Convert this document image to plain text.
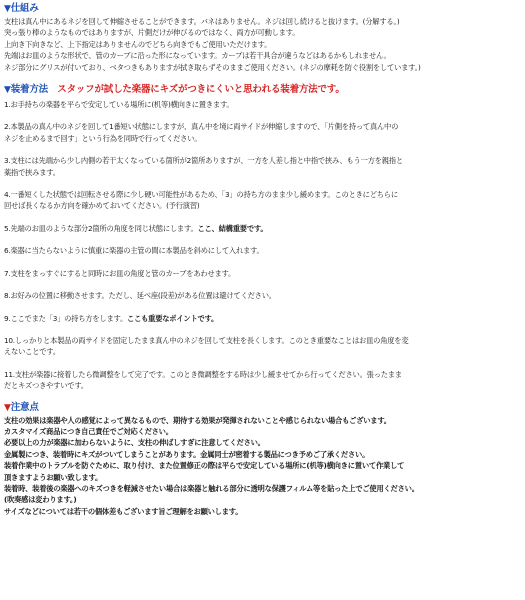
▼仕組み
支柱は真ん中にあるネジを回して伸縮させることができます。バネはありません。ネジは回し続けると抜けます。(分解する。)
突っ張り棒のようなものではありますが、片側だけが伸びるのではなく、両方が可動します。
上向き下向きなど、上下指定はありませんのでどちら向きでもご使用いただけます。
先端はお皿のような形状で、管のカーブに沿った形になっています。カーブは若干具合が違うなどはあるかもしれません。
ネジ部分にグリスが付いており、ベタつきもありますが拭き取らずそのままご使用ください。(ネジの摩耗を防ぐ役割をしています。)
▼装着方法 スタッフが試した楽器にキズがつきにくいと思われる装着方法です。
1.お手持ちの楽器を平らで安定している場所に(机等)横向きに置きます。
2.本製品の真ん中のネジを回して1番短い状態にしますが、真ん中を境に両サイドが伸縮しますので、「片側を持って真ん中の
ネジを止めるまで回す」という行為を同時で行ってください。
3.支柱には先端から少し内側の若干太くなっている箇所が2箇所ありますが、一方を人差し指と中指で挟み、もう一方を親指と
薬指で挟みます。
4.一番短くした状態では回転させる際に少し硬い可能性があるため、「3」の持ち方のまま少し緩めます。このときにどちらに
回せば長くなるか方向を確かめておいてください。(予行演習)
5.先端のお皿のような部分2箇所の角度を同じ状態にします。ここ、結構重要です。
6.楽器に当たらないように慎重に楽器の主管の間に本製品を斜めにして入れます。
7.支柱をまっすぐにすると同時にお皿の角度と管のカーブをあわせます。
8.お好みの位置に移動させます。ただし、延べ座(段差)がある位置は避けてください。
9.ここでまた「3」の持ち方をします。ここも重要なポイントです。
10.しっかりと本製品の両サイドを固定したまま真ん中のネジを回して支柱を長くします。このとき重要なことはお皿の角度を変
えないことです。
11.支柱が楽器に接着したら微調整をして完了です。このとき微調整をする時は少し緩ませてから行ってください。張ったまま
だとキズつきやすいです。
▼注意点
支柱の効果は楽器や人の感覚によって異なるもので、期待する効果が発揮されないことや感じられない場合もございます。
カスタマイズ商品につき自己責任でご対応ください。
必要以上の力が楽器に加わらないように、支柱の伸ばしすぎに注意してください。
金属製につき、装着時にキズがついてしまうことがあります。金属同士が密着する製品につき予めご了承ください。
装着作業中のトラブルを防ぐために、取り付け、また位置修正の際は平らで安定している場所に(机等)横向きに置いて作業して
頂きますようお願い致します。
装着時、装着後の楽器へのキズつきを軽減させたい場合は楽器と触れる部分に透明な保護フィルム等を貼った上でご使用ください。
(吹奏感は変わります。)
サイズなどについては若干の個体差もございます旨ご理解をお願いします。
